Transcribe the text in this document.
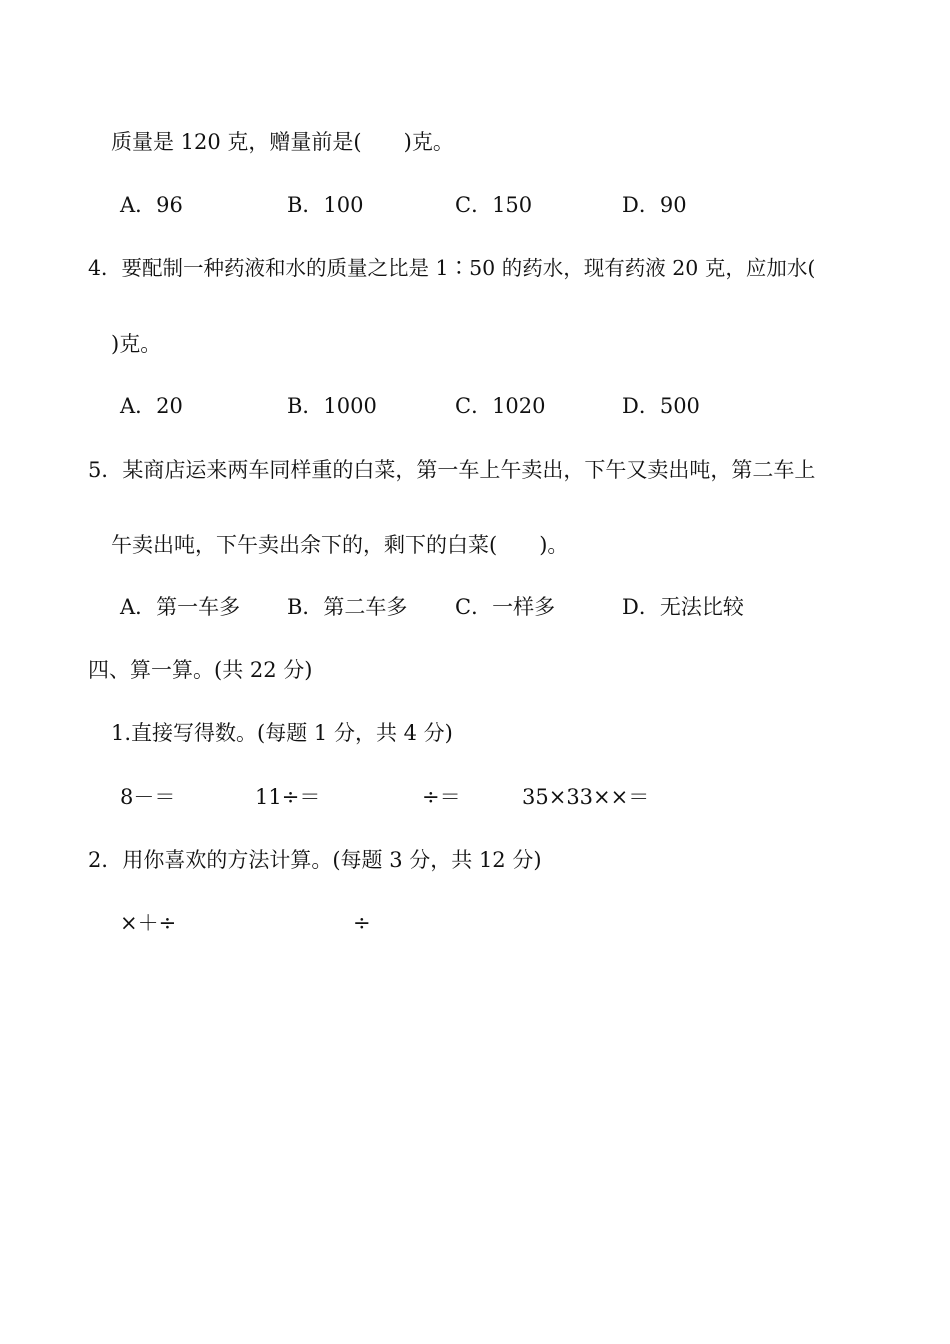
质量是 120 克，赠量前是(　　)克。
A．96	B．100	C．150	D．90
4．要配制一种药液和水的质量之比是 1∶50 的药水，现有药液 20 克，应加水(
)克。
A．20	B．1000	C．1020	D．500
5．某商店运来两车同样重的白菜，第一车上午卖出，下午又卖出吨，第二车上
午卖出吨，下午卖出余下的，剩下的白菜(　　)。
A．第一车多 B．第二车多 C．一样多	D．无法比较
四、算一算。(共 22 分)
1.直接写得数。(每题 1 分，共 4 分)
8－＝	11÷＝	÷＝	35×33××＝
2．用你喜欢的方法计算。(每题 3 分，共 12 分)
×＋÷	÷
